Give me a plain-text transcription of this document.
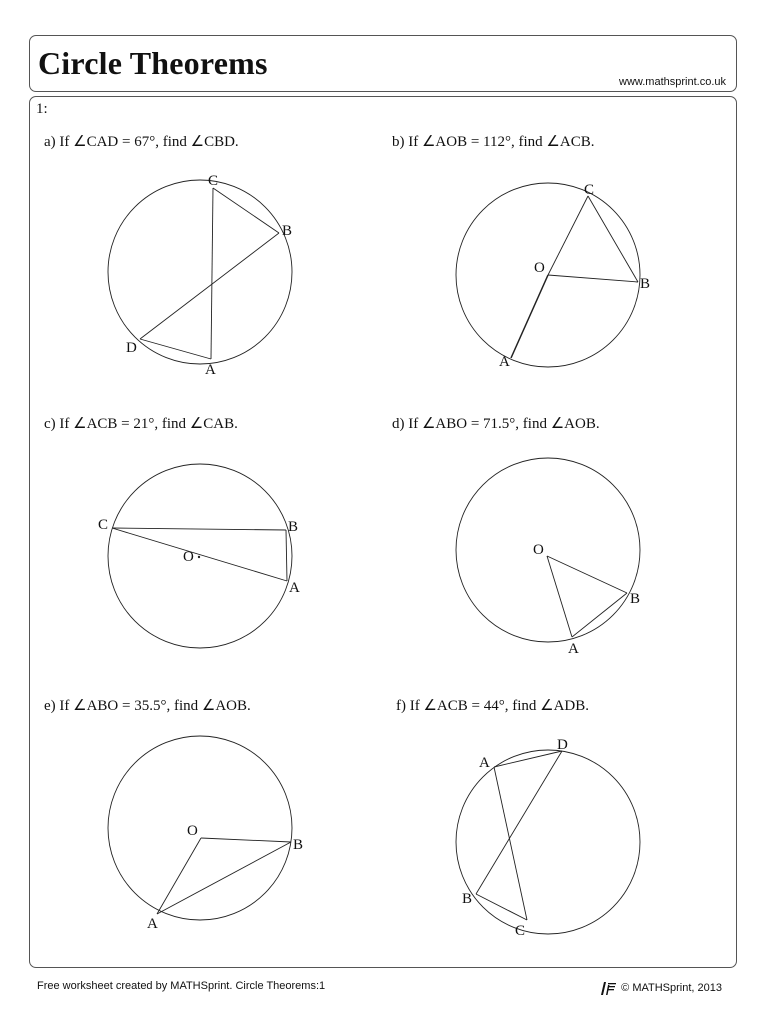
Circle Theorems
www.mathsprint.co.uk
1:
a) If ∠CAD = 67°, find ∠CBD.
C
B
D
A
b) If ∠AOB = 112°, find ∠ACB.
C
O
B
A
c) If ∠ACB = 21°, find ∠CAB.
C	B
O
A
d) If ∠ABO = 71.5°, find ∠AOB.
O
B
A
e) If ∠ABO = 35.5°, find ∠AOB.
O
B
A
f) If ∠ACB = 44°, find ∠ADB.
A
D
B
C
Free worksheet created by MATHSprint. Circle Theorems:1	© MATHSprint, 2013
